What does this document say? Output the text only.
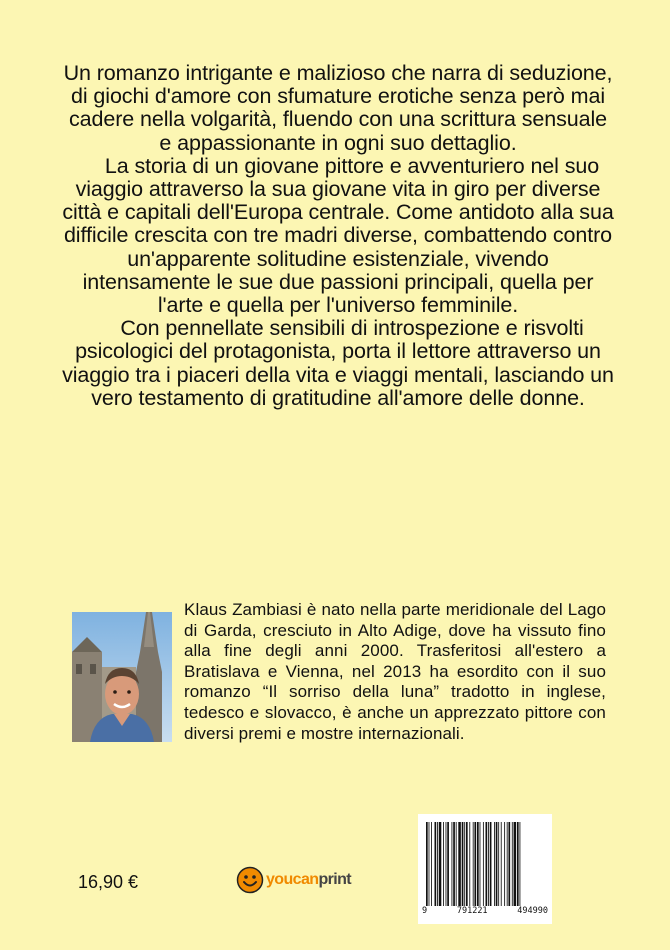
Un romanzo intrigante e malizioso che narra di seduzione, di giochi d'amore con sfumature erotiche senza però mai cadere nella volgarità, fluendo con una scrittura sensuale e appassionante in ogni suo dettaglio.

La storia di un giovane pittore e avventuriero nel suo viaggio attraverso la sua giovane vita in giro per diverse città e capitali dell'Europa centrale. Come antidoto alla sua difficile crescita con tre madri diverse, combattendo contro un'apparente solitudine esistenziale, vivendo intensamente le sue due passioni principali, quella per l'arte e quella per l'universo femminile.

Con pennellate sensibili di introspezione e risvolti psicologici del protagonista, porta il lettore attraverso un viaggio tra i piaceri della vita e viaggi mentali, lasciando un vero testamento di gratitudine all'amore delle donne.

Klaus Zambiasi è nato nella parte meridionale del Lago di Garda, cresciuto in Alto Adige, dove ha vissuto fino alla fine degli anni 2000. Trasferitosi all'estero a Bratislava e Vienna, nel 2013 ha esordito con il suo romanzo “Il sorriso della luna” tradotto in inglese, tedesco e slovacco, è anche un apprezzato pittore con diversi premi e mostre internazionali.
16,90 €	youcanprint
9	791221	494990
